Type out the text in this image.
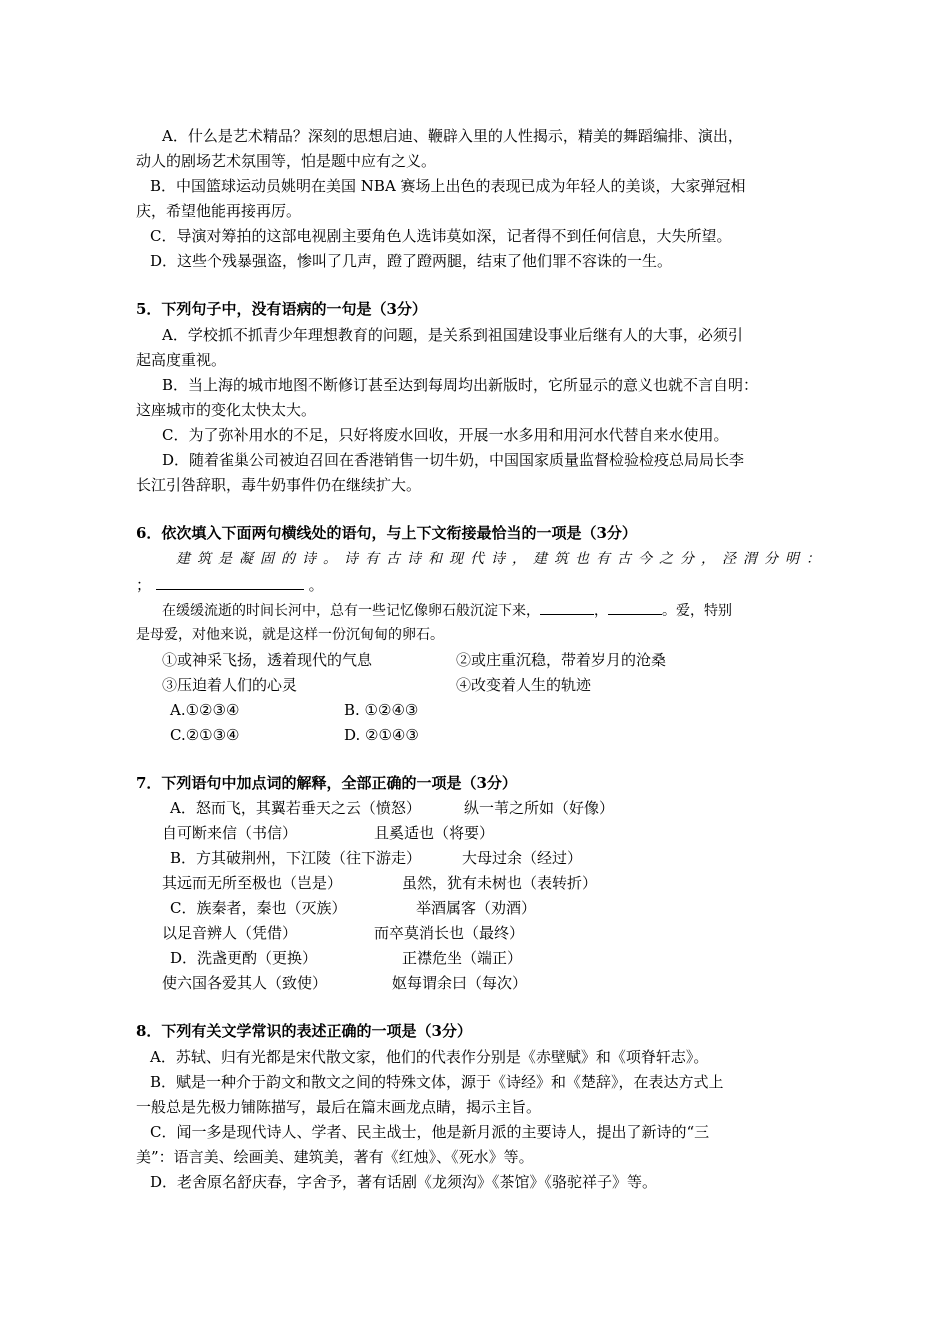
A．什么是艺术精品？深刻的思想启迪、鞭辟入里的人性揭示，精美的舞蹈编排、演出，
动人的剧场艺术氛围等，怕是题中应有之义。
B．中国篮球运动员姚明在美国 NBA 赛场上出色的表现已成为年轻人的美谈，大家弹冠相
庆，希望他能再接再厉。
C．导演对筹拍的这部电视剧主要角色人选讳莫如深，记者得不到任何信息，大失所望。
D．这些个残暴强盗，惨叫了几声，蹬了蹬两腿，结束了他们罪不容诛的一生。
5．下列句子中，没有语病的一句是（3分）
A．学校抓不抓青少年理想教育的问题，是关系到祖国建设事业后继有人的大事，必须引
起高度重视。
B．当上海的城市地图不断修订甚至达到每周均出新版时，它所显示的意义也就不言自明：
这座城市的变化太快太大。
C．为了弥补用水的不足，只好将废水回收，开展一水多用和用河水代替自来水使用。
D．随着雀巢公司被迫召回在香港销售一切牛奶，中国国家质量监督检验检疫总局局长李
长江引咎辞职，毒牛奶事件仍在继续扩大。
6．依次填入下面两句横线处的语句，与上下文衔接最恰当的一项是（3分）
建筑是凝固的诗。诗有古诗和现代诗，建筑也有古今之分，泾渭分明：
；	。
在缓缓流逝的时间长河中，总有一些记忆像卵石般沉淀下来，	，	。爱，特别
是母爱，对他来说，就是这样一份沉甸甸的卵石。
①或神采飞扬，透着现代的气息	②或庄重沉稳，带着岁月的沧桑
③压迫着人们的心灵	④改变着人生的轨迹
A.①②③④	B. ①②④③
C.②①③④	D. ②①④③
7．下列语句中加点词的解释，全部正确的一项是（3分）
A．怒而飞，其翼若垂天之云（愤怒）	纵一苇之所如（好像）
自可断来信（书信）	且奚适也（将要）
B．方其破荆州，下江陵（往下游走）	大母过余（经过）
其远而无所至极也（岂是）	虽然，犹有未树也（表转折）
C．族秦者，秦也（灭族）	举酒属客（劝酒）
以足音辨人（凭借）	而卒莫消长也（最终）
D．洗盏更酌（更换）	正襟危坐（端正）
使六国各爱其人（致使）	妪每谓余曰（每次）
8．下列有关文学常识的表述正确的一项是（3分）
A．苏轼、归有光都是宋代散文家，他们的代表作分别是《赤壁赋》和《项脊轩志》。
B．赋是一种介于韵文和散文之间的特殊文体，源于《诗经》和《楚辞》，在表达方式上
一般总是先极力铺陈描写，最后在篇末画龙点睛，揭示主旨。
C．闻一多是现代诗人、学者、民主战士，他是新月派的主要诗人，提出了新诗的“三
美”：语言美、绘画美、建筑美，著有《红烛》、《死水》等。
D．老舍原名舒庆春，字舍予，著有话剧《龙须沟》《茶馆》《骆驼祥子》等。
